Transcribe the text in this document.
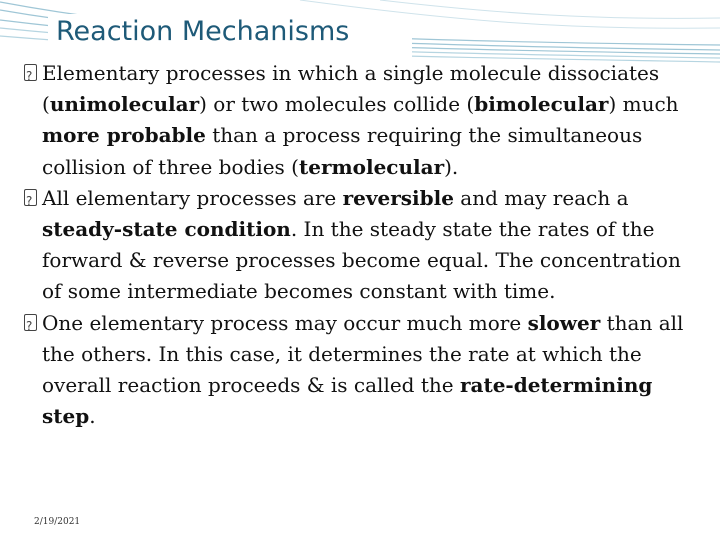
Reaction Mechanisms

?
Elementary processes in which a single molecule dissociates (unimolecular) or two molecules collide (bimolecular) much more probable than a process requiring the simultaneous collision of three bodies (termolecular).

?
All elementary processes are reversible and may reach a steady-state condition. In the steady state the rates of the forward & reverse processes become equal. The concentration of some intermediate becomes constant with time.

?
One elementary process may occur much more slower than all the others. In this case, it determines the rate at which the overall reaction proceeds & is called the rate-determining step.

2/19/2021
